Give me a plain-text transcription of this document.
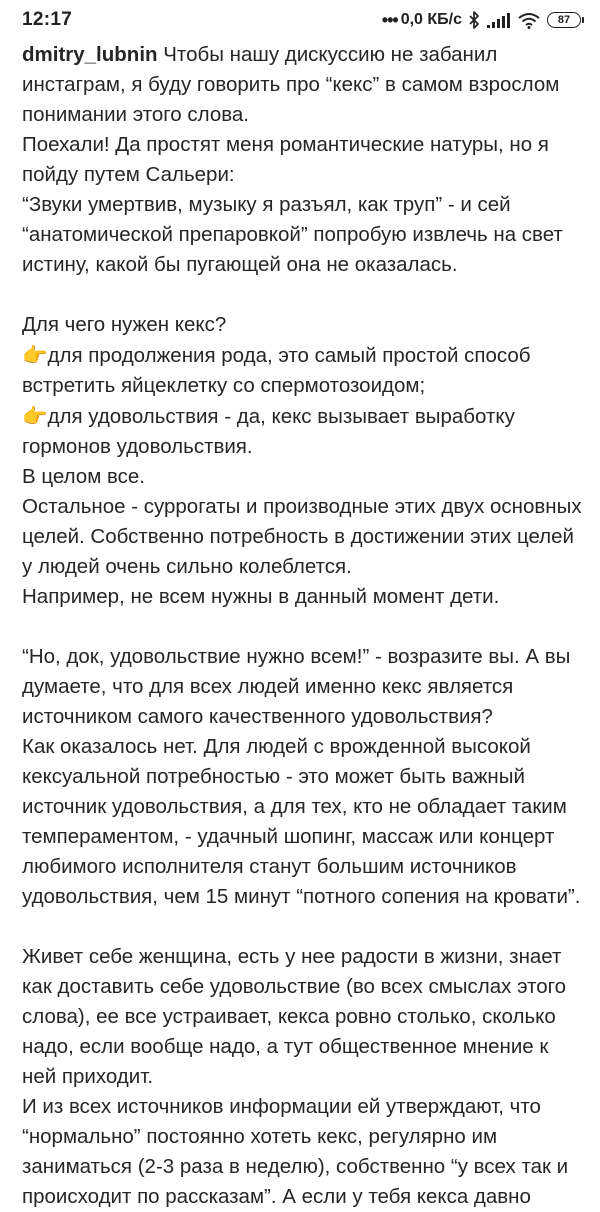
12:17	••• 0,0 КБ/с	87

dmitry_lubnin Чтобы нашу дискуссию не забанил инстаграм, я буду говорить про “кекс” в самом взрослом понимании этого слова.

Поехали! Да простят меня романтические натуры, но я пойду путем Сальери:

“Звуки умертвив, музыку я разъял, как труп” - и сей “анатомической препаровкой” попробую извлечь на свет истину, какой бы пугающей она не оказалась.

Для чего нужен кекс?

👉для продолжения рода, это самый простой способ встретить яйцеклетку со спермотозоидом;

👉для удовольствия - да, кекс вызывает выработку гормонов удовольствия.

В целом все.

Остальное - суррогаты и производные этих двух основных целей. Собственно потребность в достижении этих целей у людей очень сильно колеблется.

Например, не всем нужны в данный момент дети.

“Но, док, удовольствие нужно всем!” - возразите вы. А вы думаете, что для всех людей именно кекс является источником самого качественного удовольствия?

Как оказалось нет. Для людей с врожденной высокой кексуальной потребностью - это может быть важный источник удовольствия, а для тех, кто не обладает таким темпераментом, - удачный шопинг, массаж или концерт любимого исполнителя станут большим источников удовольствия, чем 15 минут “потного сопения на кровати”.

Живет себе женщина, есть у нее радости в жизни, знает как доставить себе удовольствие (во всех смыслах этого слова), ее все устраивает, кекса ровно столько, сколько надо, если вообще надо, а тут общественное мнение к ней приходит.

И из всех источников информации ей утверждают, что “нормально” постоянно хотеть кекс, регулярно им заниматься (2-3 раза в неделю), собственно “у всех так и происходит по рассказам”. А если у тебя кекса давно
